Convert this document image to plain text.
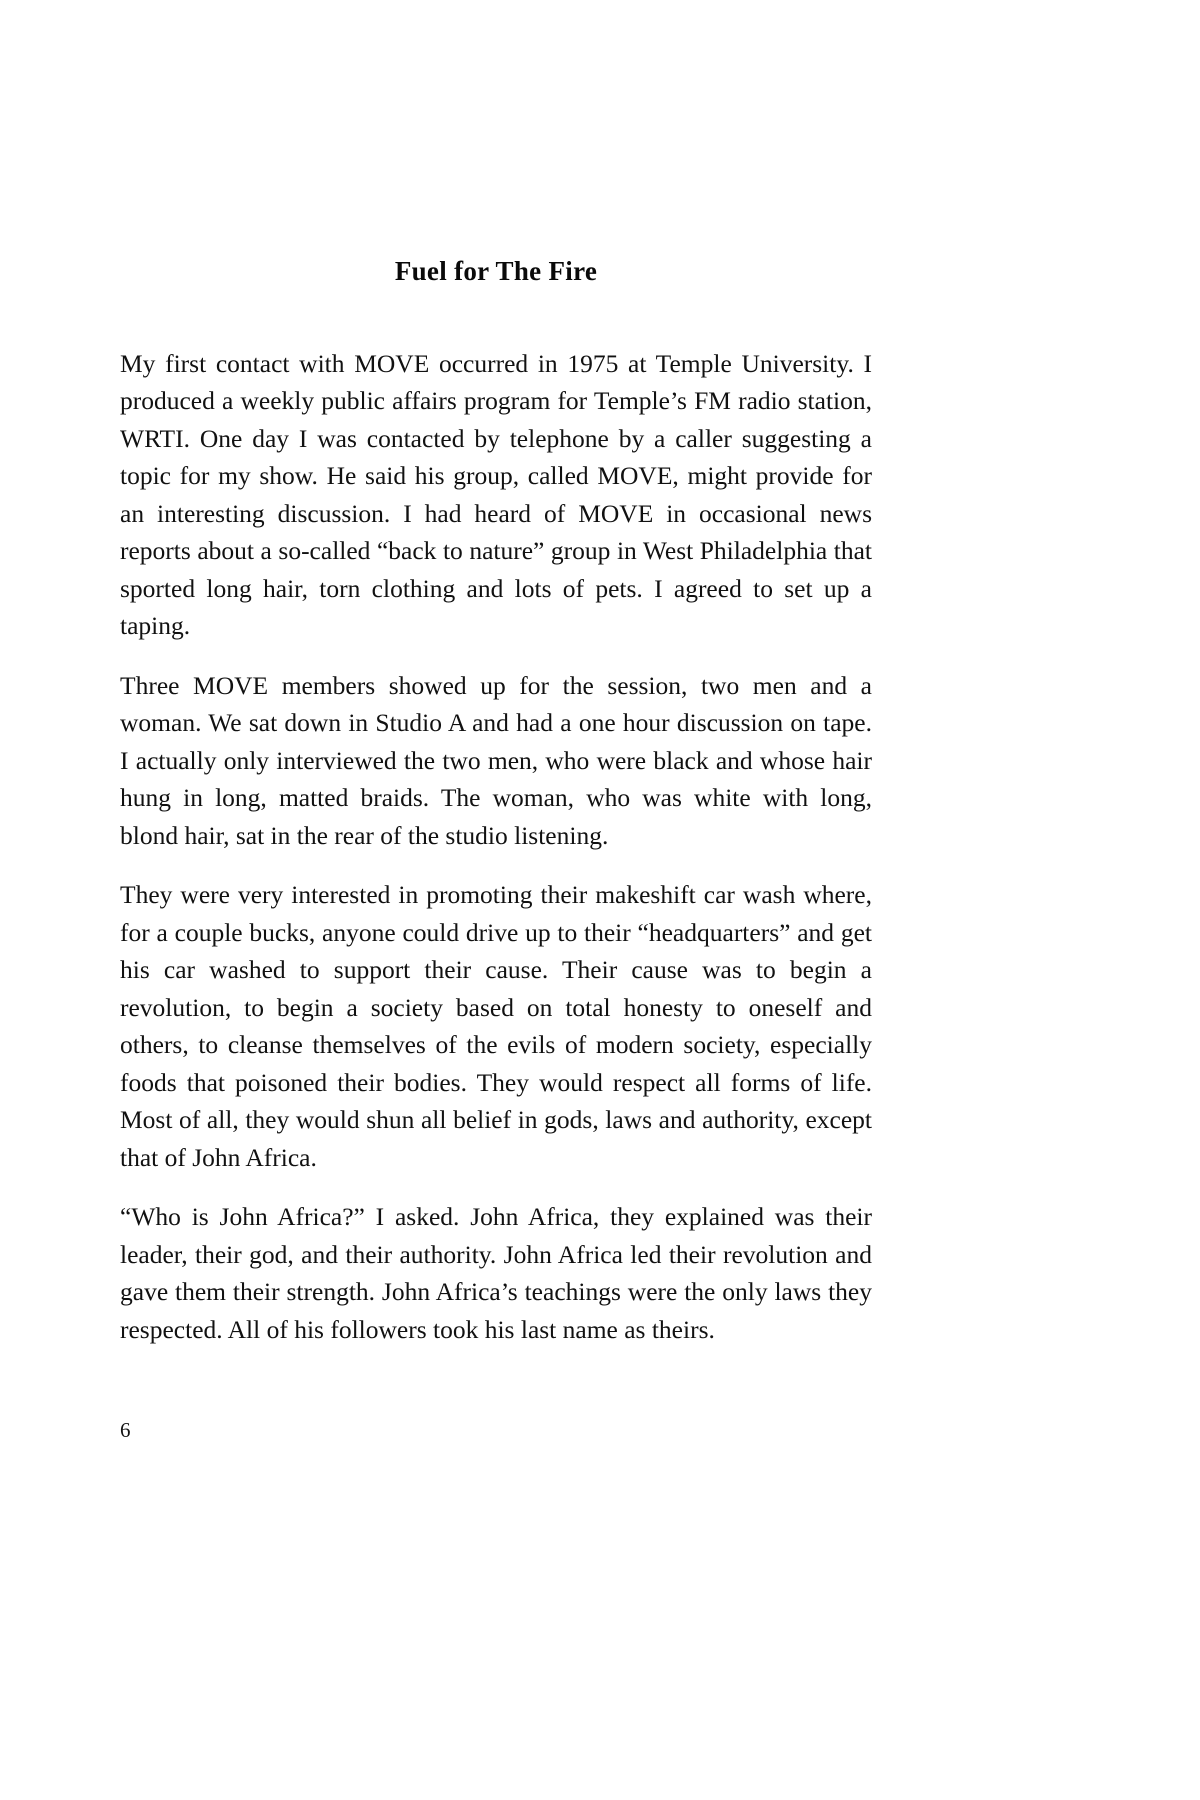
Fuel for The Fire

My first contact with MOVE occurred in 1975 at Temple University. I produced a weekly public affairs program for Temple’s FM radio station, WRTI. One day I was contacted by telephone by a caller suggesting a topic for my show. He said his group, called MOVE, might provide for an interesting discussion. I had heard of MOVE in occasional news reports about a so-called “back to nature” group in West Philadelphia that sported long hair, torn clothing and lots of pets. I agreed to set up a taping.

Three MOVE members showed up for the session, two men and a woman. We sat down in Studio A and had a one hour discussion on tape. I actually only interviewed the two men, who were black and whose hair hung in long, matted braids. The woman, who was white with long, blond hair, sat in the rear of the studio listening.

They were very interested in promoting their makeshift car wash where, for a couple bucks, anyone could drive up to their “headquarters” and get his car washed to support their cause. Their cause was to begin a revolution, to begin a society based on total honesty to oneself and others, to cleanse themselves of the evils of modern society, especially foods that poisoned their bodies. They would respect all forms of life. Most of all, they would shun all belief in gods, laws and authority, except that of John Africa.

“Who is John Africa?” I asked. John Africa, they explained was their leader, their god, and their authority. John Africa led their revolution and gave them their strength. John Africa’s teachings were the only laws they respected. All of his followers took his last name as theirs.

6
